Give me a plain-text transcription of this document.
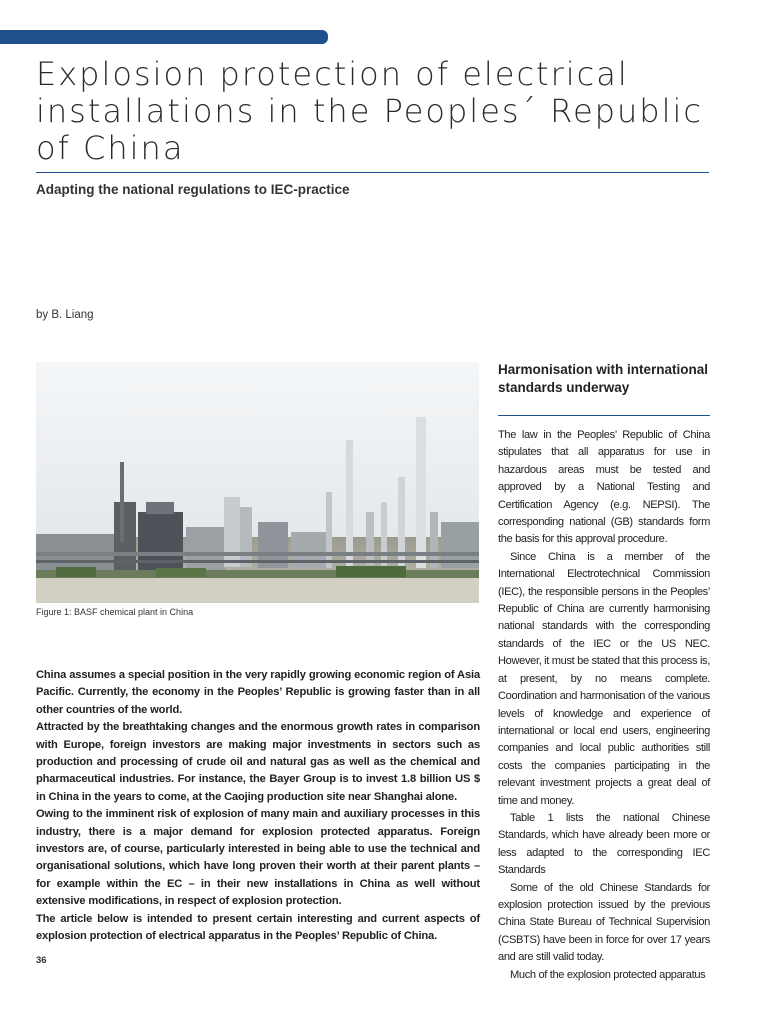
Explosion protection of electrical installations in the Peoples´ Republic of China
Adapting the national regulations to IEC-practice
by B. Liang
Figure 1: BASF chemical plant in China

China assumes a special position in the very rapidly growing economic region of Asia Pacific. Currently, the economy in the Peoples’ Republic is growing faster than in all other countries of the world.

Attracted by the breathtaking changes and the enormous growth rates in comparison with Europe, foreign investors are making major investments in sectors such as production and processing of crude oil and natural gas as well as the chemical and pharmaceutical industries. For instance, the Bayer Group is to invest 1.8 billion US $ in China in the years to come, at the Caojing production site near Shanghai alone.

Owing to the imminent risk of explosion of many main and auxiliary processes in this industry, there is a major demand for explosion protected apparatus. Foreign investors are, of course, particularly interested in being able to use the technical and organisational solutions, which have long proven their worth at their parent plants – for example within the EC – in their new installations in China as well without extensive modifications, in respect of explosion protection.

The article below is intended to present certain interesting and current aspects of explosion protection of electrical apparatus in the Peoples’ Republic of China.

Harmonisation with international standards underway

The law in the Peoples’ Republic of China stipulates that all apparatus for use in hazardous areas must be tested and approved by a National Testing and Certification Agency (e.g. NEPSI). The corresponding national (GB) standards form the basis for this approval procedure.

Since China is a member of the International Electrotechnical Commission (IEC), the responsible persons in the Peoples’ Republic of China are currently harmonising national standards with the corresponding standards of the IEC or the US NEC. However, it must be stated that this process is, at present, by no means complete. Coordination and harmonisation of the various levels of knowledge and experience of international or local end users, engineering companies and local public authorities still costs the companies participating in the relevant investment projects a great deal of time and money.

Table 1 lists the national Chinese Standards, which have already been more or less adapted to the corresponding IEC Standards

Some of the old Chinese Standards for explosion protection issued by the previous China State Bureau of Technical Supervision (CSBTS) have been in force for over 17 years and are still valid today.

Much of the explosion protected apparatus

36
